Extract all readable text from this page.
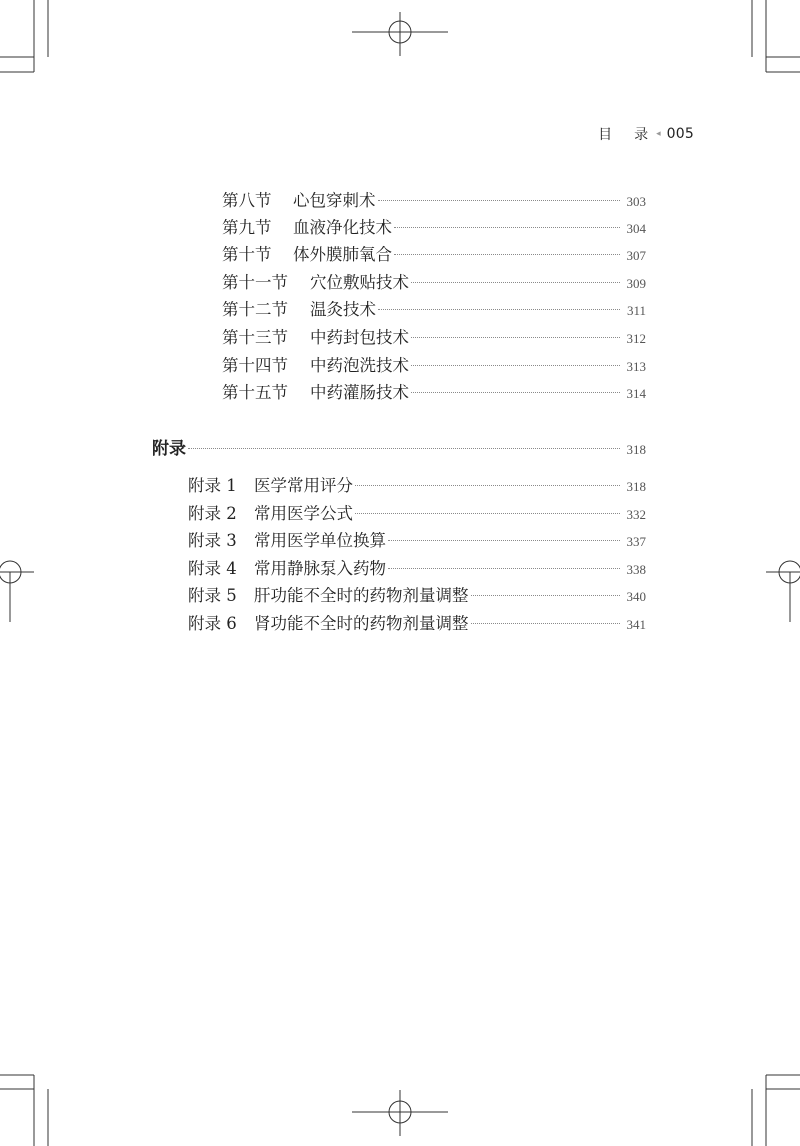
目 录 ◂ 005
第八节 心包穿刺术	303
第九节 血液净化技术	304
第十节 体外膜肺氧合	307
第十一节 穴位敷贴技术	309
第十二节 温灸技术	311
第十三节 中药封包技术	312
第十四节 中药泡洗技术	313
第十五节 中药灌肠技术	314
附录	318
附录 1 医学常用评分	318
附录 2 常用医学公式	332
附录 3 常用医学单位换算	337
附录 4 常用静脉泵入药物	338
附录 5 肝功能不全时的药物剂量调整	340
附录 6 肾功能不全时的药物剂量调整	341
